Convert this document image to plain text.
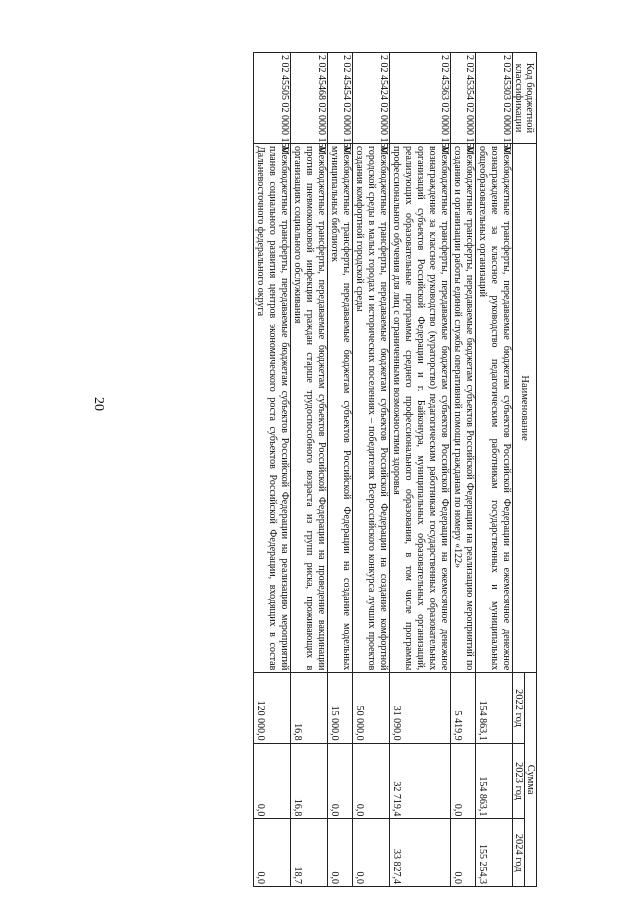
20
Код бюджетной классификации	Наименование	Сумма		
		2022 год	2023 год	2024 год
2 02 45303 02 0000 150	Межбюджетные трансферты, передаваемые бюджетам субъектов Российской Федерации на ежемесячное денежное вознаграждение за классное руководство педагогическим работникам государственных и муниципальных общеобразовательных организаций	154 863,1	154 863,1	155 254,3
2 02 45354 02 0000 150	Межбюджетные трансферты, передаваемые бюджетам субъектов Российской Федерации на реализацию мероприятий по созданию и организации работы единой службы оперативной помощи гражданам по номеру «122»	5 419,9	0,0	0,0
2 02 45363 02 0000 150	Межбюджетные трансферты, передаваемые бюджетам субъектов Российской Федерации на ежемесячное денежное вознаграждение за классное руководство (кураторство) педагогическим работникам государственных образовательных организаций субъектов Российской Федерации и г. Байконура, муниципальных образовательных организаций, реализующих образовательные программы среднего профессионального образования, в том числе программы профессионального обучения для лиц с ограниченными возможностями здоровья	31 090,0	32 719,4	33 827,4
2 02 45424 02 0000 150	Межбюджетные трансферты, передаваемые бюджетам субъектов Российской Федерации на создание комфортной городской среды в малых городах и исторических поселениях – победителях Всероссийского конкурса лучших проектов создания комфортной городской среды	50 000,0	0,0	0,0
2 02 45454 02 0000 150	Межбюджетные трансферты, передаваемые бюджетам субъектов Российской Федерации на создание модельных муниципальных библиотек	15 000,0	0,0	0,0
2 02 45468 02 0000 150	Межбюджетные трансферты, передаваемые бюджетам субъектов Российской Федерации на проведение вакцинации против пневмококковой инфекции граждан старше трудоспособного возраста из групп риска, проживающих в организациях социального обслуживания	16,8	16,8	18,7
2 02 45505 02 0000 150	Межбюджетные трансферты, передаваемые бюджетам субъектов Российской Федерации на реализацию мероприятий планов социального развития центров экономического роста субъектов Российской Федерации, входящих в состав Дальневосточного федерального округа	120 000,0	0,0	0,0
